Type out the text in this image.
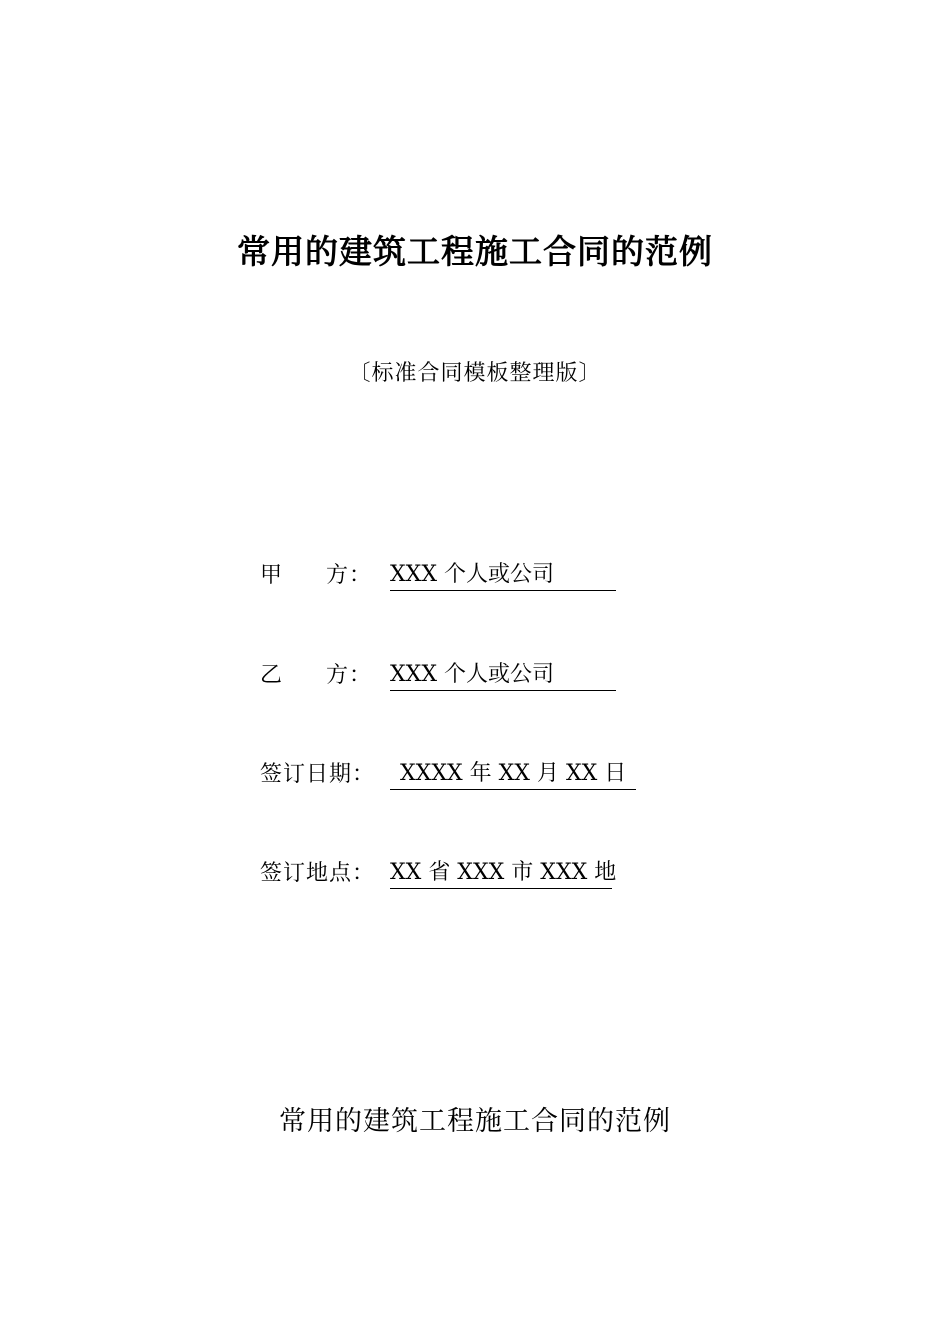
常用的建筑工程施工合同的范例
〔标准合同模板整理版〕
甲 方： XXX 个人或公司
乙 方： XXX 个人或公司
签订日期：	XXXX 年 XX 月 XX 日
签订地点： XX 省 XXX 市 XXX 地
常用的建筑工程施工合同的范例
